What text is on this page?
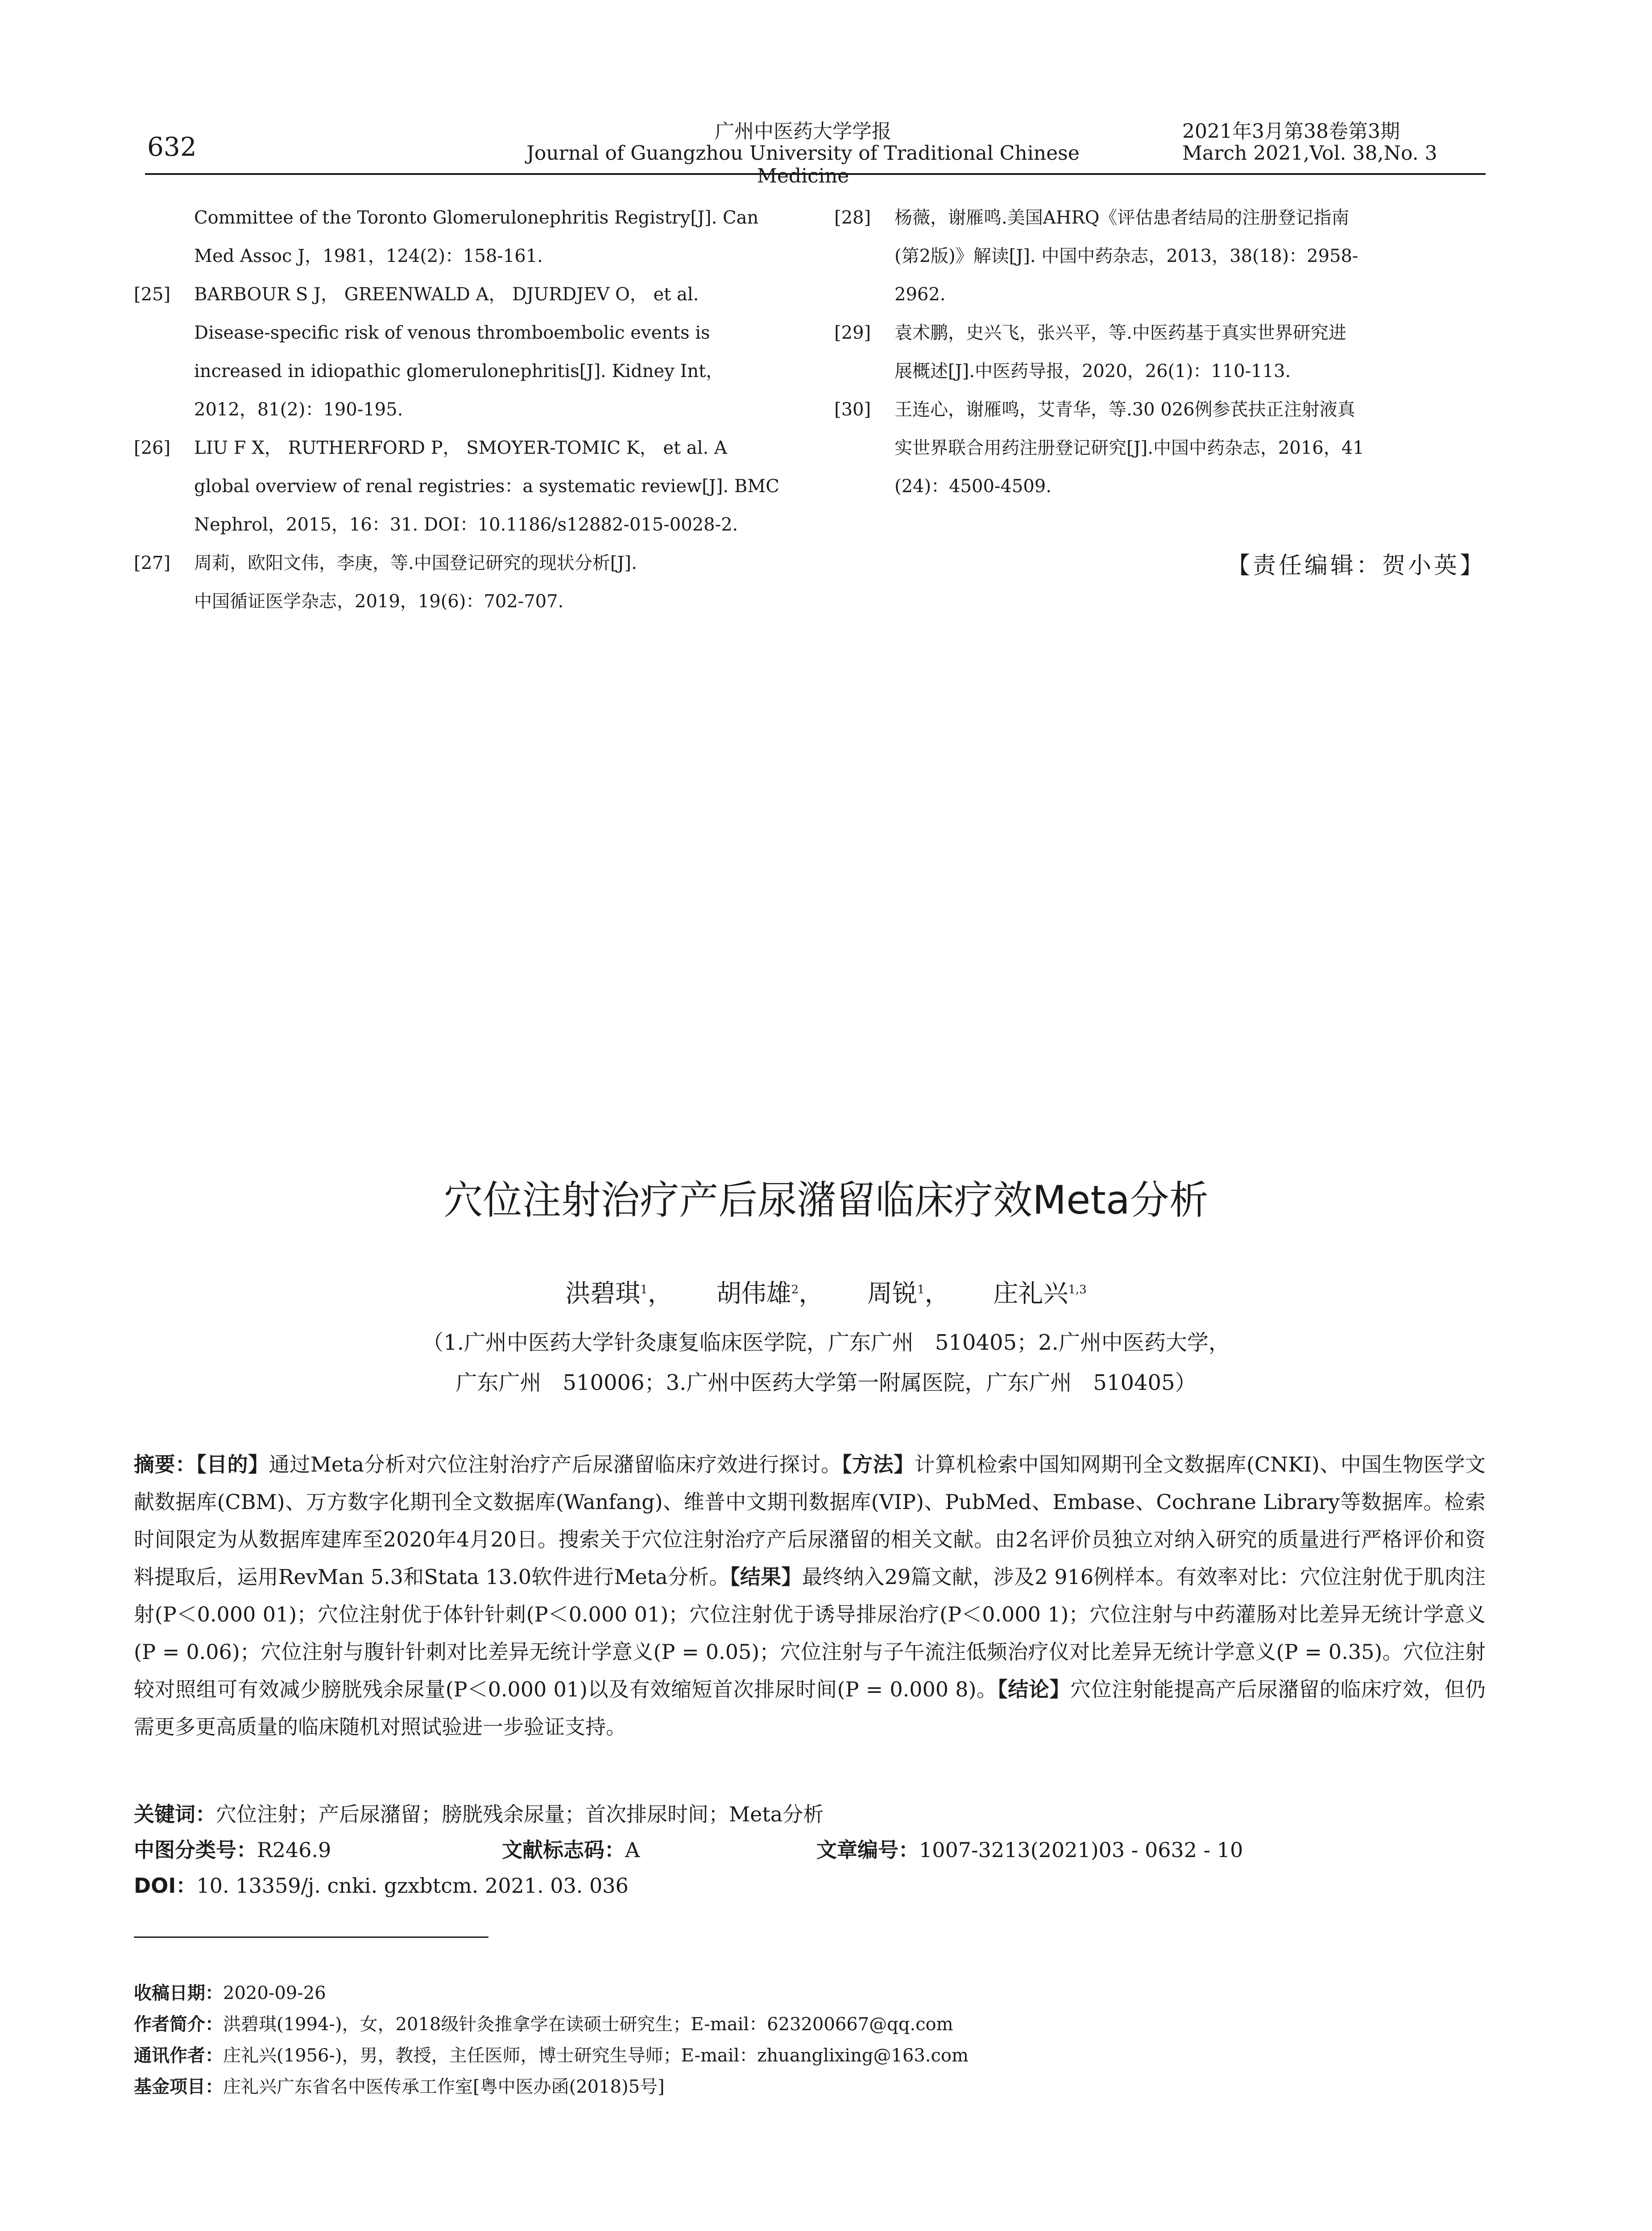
632
广州中医药大学学报
Journal of Guangzhou University of Traditional Chinese Medicine
2021年3月第38卷第3期
March 2021,Vol. 38,No. 3
Committee of the Toronto Glomerulonephritis Registry[J]. Can
Med Assoc J，1981，124(2)：158-161.
[25]	BARBOUR S J， GREENWALD A， DJURDJEV O， et al.
Disease-specific risk of venous thromboembolic events is
increased in idiopathic glomerulonephritis[J]. Kidney Int，
2012，81(2)：190-195.
[26]	LIU F X， RUTHERFORD P， SMOYER-TOMIC K， et al. A
global overview of renal registries：a systematic review[J]. BMC
Nephrol，2015，16：31. DOI：10.1186/s12882-015-0028-2.
[27]	周莉，欧阳文伟，李庚，等.中国登记研究的现状分析[J].
中国循证医学杂志，2019，19(6)：702-707.
[28]	杨薇，谢雁鸣.美国AHRQ《评估患者结局的注册登记指南
(第2版)》解读[J]. 中国中药杂志，2013，38(18)：2958-
2962.
[29]	袁术鹏，史兴飞，张兴平，等.中医药基于真实世界研究进
展概述[J].中医药导报，2020，26(1)：110-113.
[30]	王连心，谢雁鸣，艾青华，等.30 026例参芪扶正注射液真
实世界联合用药注册登记研究[J].中国中药杂志，2016，41
(24)：4500-4509.
【责任编辑：贺小英】
穴位注射治疗产后尿潴留临床疗效Meta分析
洪碧琪$^1$， 胡伟雄$^2$， 周锐$^1$， 庄礼兴$^{1,3}$
（1.广州中医药大学针灸康复临床医学院，广东广州　510405；2.广州中医药大学，
广东广州　510006；3.广州中医药大学第一附属医院，广东广州　510405）
摘要：【目的】通过Meta分析对穴位注射治疗产后尿潴留临床疗效进行探讨。【方法】计算机检索中国知网期刊全文数据库(CNKI)、中国生物医学文献数据库(CBM)、万方数字化期刊全文数据库(Wanfang)、维普中文期刊数据库(VIP)、PubMed、Embase、Cochrane Library等数据库。检索时间限定为从数据库建库至2020年4月20日。搜索关于穴位注射治疗产后尿潴留的相关文献。由2名评价员独立对纳入研究的质量进行严格评价和资料提取后，运用RevMan 5.3和Stata 13.0软件进行Meta分析。【结果】最终纳入29篇文献，涉及2 916例样本。有效率对比：穴位注射优于肌肉注射(P＜0.000 01)；穴位注射优于体针针刺(P＜0.000 01)；穴位注射优于诱导排尿治疗(P＜0.000 1)；穴位注射与中药灌肠对比差异无统计学意义(P = 0.06)；穴位注射与腹针针刺对比差异无统计学意义(P = 0.05)；穴位注射与子午流注低频治疗仪对比差异无统计学意义(P = 0.35)。穴位注射较对照组可有效减少膀胱残余尿量(P＜0.000 01)以及有效缩短首次排尿时间(P = 0.000 8)。【结论】穴位注射能提高产后尿潴留的临床疗效，但仍需更多更高质量的临床随机对照试验进一步验证支持。
关键词：穴位注射；产后尿潴留；膀胱残余尿量；首次排尿时间；Meta分析
中图分类号：R246.9	文献标志码：A	文章编号：1007-3213(2021)03 - 0632 - 10
DOI：10. 13359/j. cnki. gzxbtcm. 2021. 03. 036
收稿日期：2020-09-26
作者简介：洪碧琪(1994-)，女，2018级针灸推拿学在读硕士研究生；E-mail：623200667@qq.com
通讯作者：庄礼兴(1956-)，男，教授，主任医师，博士研究生导师；E-mail：zhuanglixing@163.com
基金项目：庄礼兴广东省名中医传承工作室[粤中医办函(2018)5号]
